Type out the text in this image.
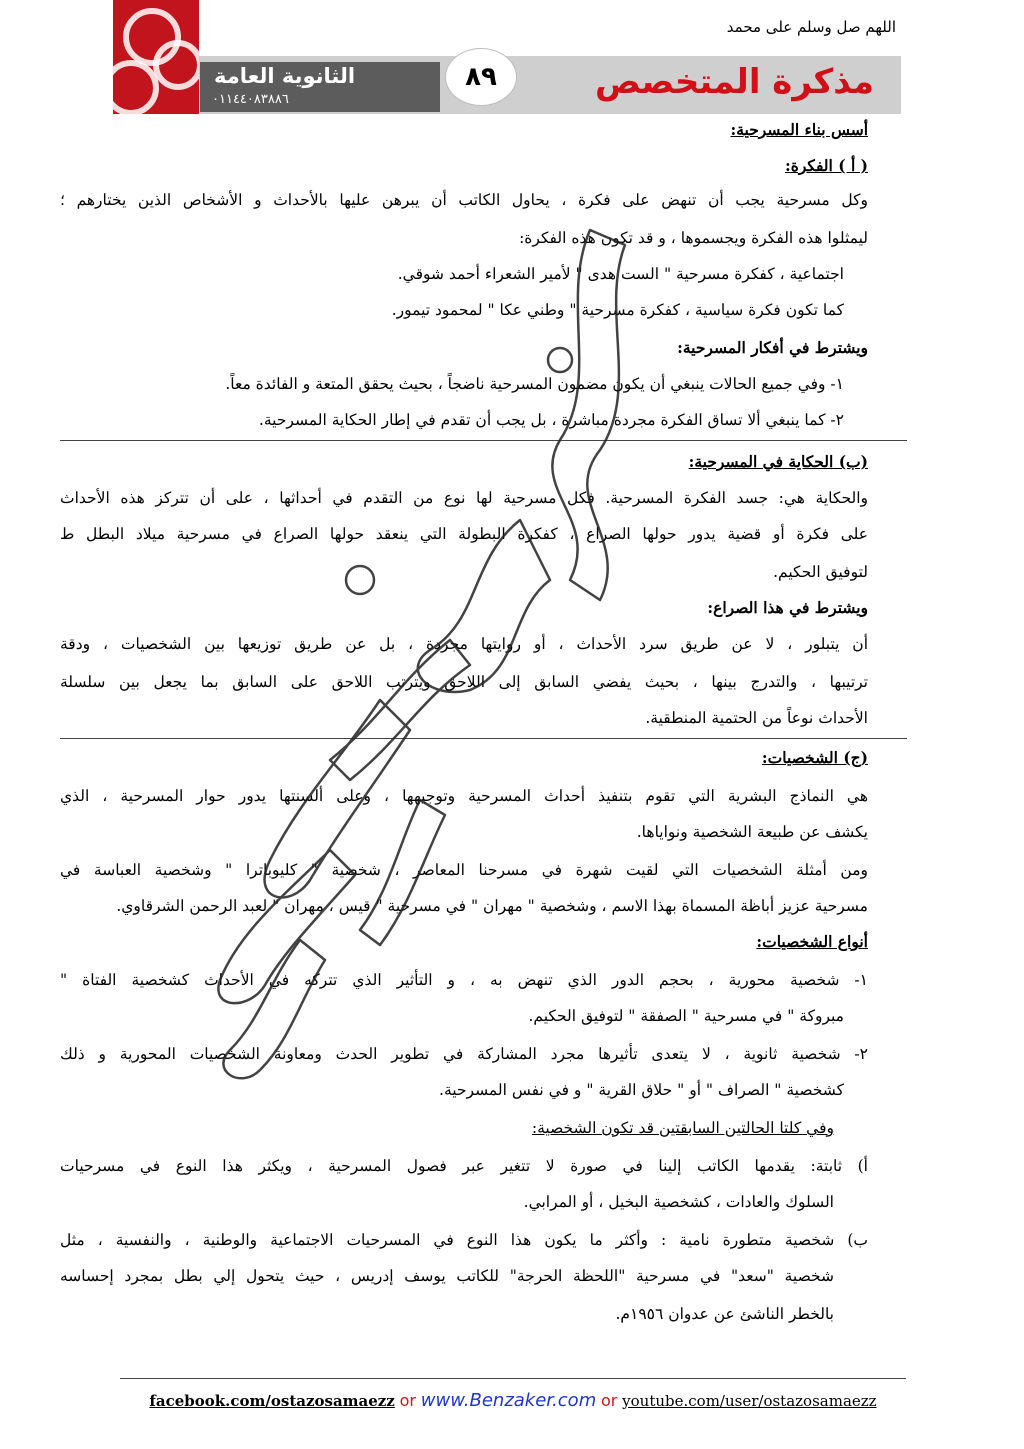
اللهم صل وسلم على محمد
مذكرة المتخصص
الثانوية العامة
٠١١٤٤٠٨٣٨٨٦
٨٩
أسس بناء المسرحية:
( أ ) الفكرة:
وكل مسرحية يجب أن تنهض على فكرة ، يحاول الكاتب أن يبرهن عليها بالأحداث و الأشخاص الذين يختارهم ؛
ليمثلوا هذه الفكرة ويجسموها ، و قد تكون هذه الفكرة:
اجتماعية ، كفكرة مسرحية " الست هدى " لأمير الشعراء أحمد شوقي.
كما تكون فكرة سياسية ، كفكرة مسرحية " وطني عكا " لمحمود تيمور.
ويشترط في أفكار المسرحية:
١- وفي جميع الحالات ينبغي أن يكون مضمون المسرحية ناضجاً ، بحيث يحقق المتعة و الفائدة معاً.
٢- كما ينبغي ألا تساق الفكرة مجردة مباشرة ، بل يجب أن تقدم في إطار الحكاية المسرحية.
(ب) الحكاية في المسرحية:
والحكاية هي: جسد الفكرة المسرحية. فكل مسرحية لها نوع من التقدم في أحداثها ، على أن تتركز هذه الأحداث
على فكرة أو قضية يدور حولها الصراع ، كفكرة البطولة التي ينعقد حولها الصراع في مسرحية ميلاد البطل ط
لتوفيق الحكيم.
ويشترط في هذا الصراع:
أن يتبلور ، لا عن طريق سرد الأحداث ، أو روايتها مجردة ، بل عن طريق توزيعها بين الشخصيات ، ودقة
ترتيبها ، والتدرج بينها ، بحيث يفضي السابق إلى اللاحق ويترتب اللاحق على السابق بما يجعل بين سلسلة
الأحداث نوعاً من الحتمية المنطقية.
(ج) الشخصيات:
هي النماذج البشرية التي تقوم بتنفيذ أحداث المسرحية وتوجيهها ، وعلى ألسنتها يدور حوار المسرحية ، الذي
يكشف عن طبيعة الشخصية ونواياها.
ومن أمثلة الشخصيات التي لقيت شهرة في مسرحنا المعاصر ، شخصية " كليوباترا " وشخصية العباسة في
مسرحية عزيز أباظة المسماة بهذا الاسم ، وشخصية " مهران " في مسرحية " قيس ، مهران " لعبد الرحمن الشرقاوي.
أنواع الشخصيات:
١- شخصية محورية ، بحجم الدور الذي تنهض به ، و التأثير الذي تتركه في الأحداث كشخصية الفتاة "
مبروكة " في مسرحية " الصفقة " لتوفيق الحكيم.
٢- شخصية ثانوية ، لا يتعدى تأثيرها مجرد المشاركة في تطوير الحدث ومعاونة الشخصيات المحورية و ذلك
كشخصية " الصراف " أو " حلاق القرية " و في نفس المسرحية.
وفي كلتا الحالتين السابقتين قد تكون الشخصية:
أ) ثابتة: يقدمها الكاتب إلينا في صورة لا تتغير عبر فصول المسرحية ، ويكثر هذا النوع في مسرحيات
السلوك والعادات ، كشخصية البخيل ، أو المرابي.
ب) شخصية متطورة نامية : وأكثر ما يكون هذا النوع في المسرحيات الاجتماعية والوطنية ، والنفسية ، مثل
شخصية "سعد" في مسرحية "اللحظة الحرجة" للكاتب يوسف إدريس ، حيث يتحول إلي بطل بمجرد إحساسه
بالخطر الناشئ عن عدوان ١٩٥٦م.
facebook.com/ostazosamaezz or www.Benzaker.com or youtube.com/user/ostazosamaezz
